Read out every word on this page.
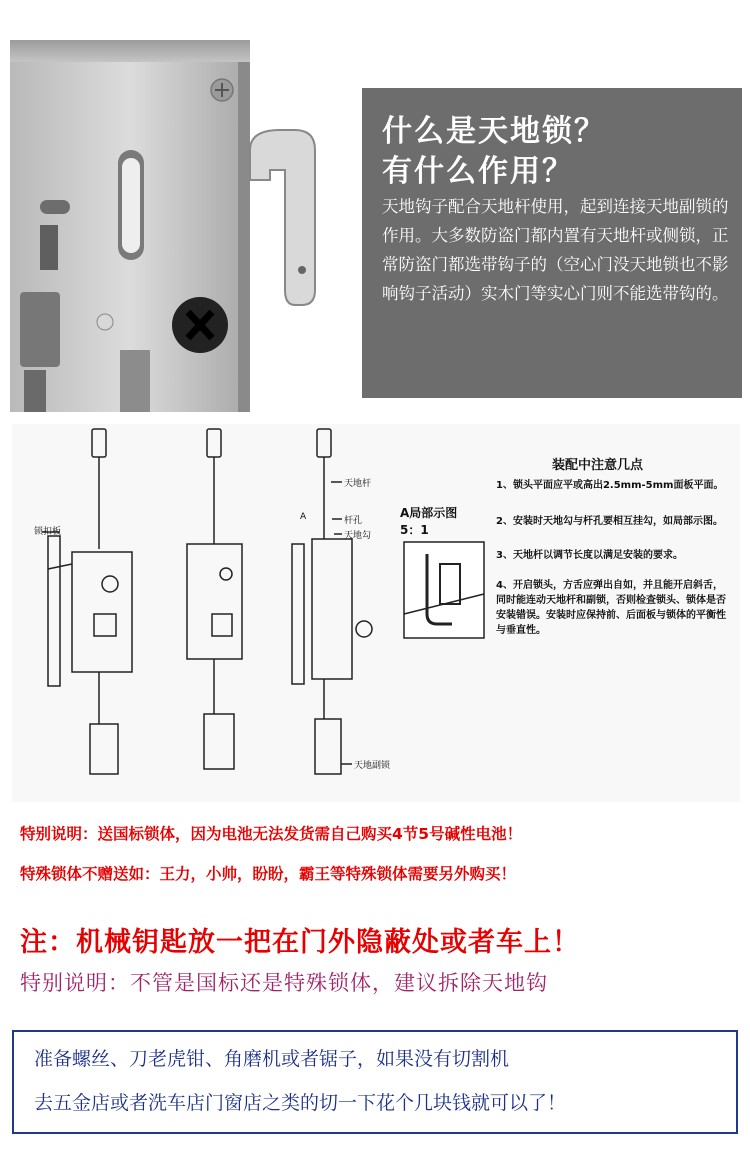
什么是天地锁？
有什么作用？
天地钩子配合天地杆使用，起到连接天地副锁的作用。大多数防盗门都内置有天地杆或侧锁，正常防盗门都选带钩子的（空心门没天地锁也不影响钩子活动）实木门等实心门则不能选带钩的。
锁扣板
天地杆
A	杆孔
天地勾
天地副锁
A局部示图
5：1
装配中注意几点
1、锁头平面应平或高出2.5mm-5mm面板平面。
2、安装时天地勾与杆孔要相互挂勾，如局部示图。
3、天地杆以调节长度以满足安装的要求。
4、开启锁头，方舌应弹出自如，并且能开启斜舌，同时能连动天地杆和副锁，否则检查锁头、锁体是否安装错误。安装时应保持前、后面板与锁体的平衡性与垂直性。
特别说明：送国标锁体，因为电池无法发货需自己购买4节5号碱性电池！
特殊锁体不赠送如：王力，小帅，盼盼，霸王等特殊锁体需要另外购买！
注：机械钥匙放一把在门外隐蔽处或者车上！
特别说明：不管是国标还是特殊锁体，建议拆除天地钩
准备螺丝、刀老虎钳、角磨机或者锯子，如果没有切割机
去五金店或者洗车店门窗店之类的切一下花个几块钱就可以了！
